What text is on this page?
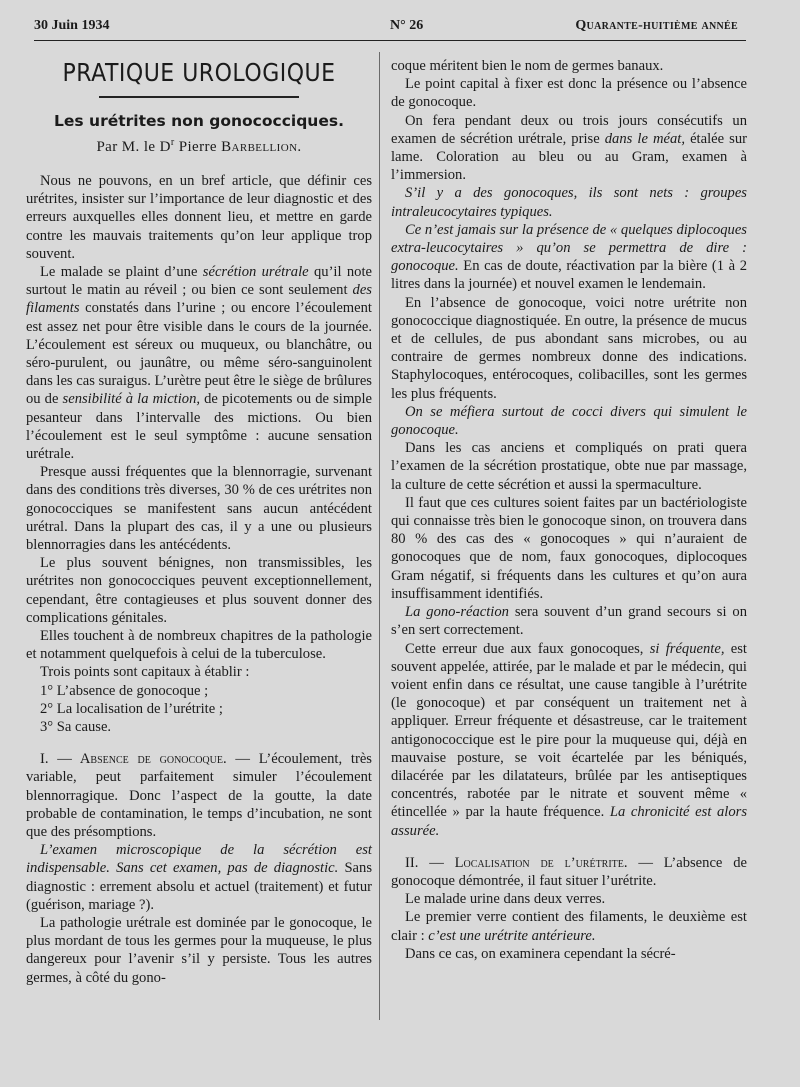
30 Juin 1934	N° 26	Quarante-huitième année
PRATIQUE UROLOGIQUE
Les urétrites non gonococciques.
Par M. le $D^r$ Pierre Barbellion.

Nous ne pouvons, en un bref article, que définir ces urétrites, insister sur l’importance de leur diagnostic et des erreurs auxquelles elles donnent lieu, et mettre en garde contre les mauvais traitements qu’on leur applique trop souvent.

Le malade se plaint d’une sécrétion urétrale qu’il note surtout le matin au réveil ; ou bien ce sont seulement des filaments constatés dans l’urine ; ou encore l’écoulement est assez net pour être visible dans le cours de la journée. L’écoulement est séreux ou muqueux, ou blanchâtre, ou séro-purulent, ou jaunâtre, ou même séro-sanguinolent dans les cas suraigus. L’urètre peut être le siège de brûlures ou de sensibilité à la miction, de picotements ou de simple pesanteur dans l’intervalle des mictions. Ou bien l’écoulement est le seul symptôme : aucune sensation urétrale.

Presque aussi fréquentes que la blennorragie, survenant dans des conditions très diverses, 30 % de ces urétrites non gonococciques se manifestent sans aucun antécédent urétral. Dans la plupart des cas, il y a une ou plusieurs blennorragies dans les antécédents.

Le plus souvent bénignes, non transmissibles, les urétrites non gonococciques peuvent exceptionnellement, cependant, être contagieuses et plus souvent donner des complications génitales.

Elles touchent à de nombreux chapitres de la pathologie et notamment quelquefois à celui de la tuberculose.

Trois points sont capitaux à établir :

1° L’absence de gonocoque ;

2° La localisation de l’urétrite ;

3° Sa cause.

I. — Absence de gonocoque. — L’écoulement, très variable, peut parfaitement simuler l’écoulement blennorragique. Donc l’aspect de la goutte, la date probable de contamination, le temps d’incubation, ne sont que des présomptions.

L’examen microscopique de la sécrétion est indispensable. Sans cet examen, pas de diagnostic. Sans diagnostic : errement absolu et actuel (traitement) et futur (guérison, mariage ?).

La pathologie urétrale est dominée par le gonocoque, le plus mordant de tous les germes pour la muqueuse, le plus dangereux pour l’avenir s’il y persiste. Tous les autres germes, à côté du gono-

coque méritent bien le nom de germes banaux.

Le point capital à fixer est donc la présence ou l’absence de gonocoque.

On fera pendant deux ou trois jours consécutifs un examen de sécrétion urétrale, prise dans le méat, étalée sur lame. Coloration au bleu ou au Gram, examen à l’immersion.

S’il y a des gonocoques, ils sont nets : groupes intraleucocytaires typiques.

Ce n’est jamais sur la présence de « quelques diplocoques extra-leucocytaires » qu’on se permettra de dire : gonocoque. En cas de doute, réactivation par la bière (1 à 2 litres dans la journée) et nouvel examen le lendemain.

En l’absence de gonocoque, voici notre urétrite non gonococcique diagnostiquée. En outre, la présence de mucus et de cellules, de pus abondant sans microbes, ou au contraire de germes nombreux donne des indications. Staphylocoques, entérocoques, colibacilles, sont les germes les plus fréquents.

On se méfiera surtout de cocci divers qui simulent le gonocoque.

Dans les cas anciens et compliqués on prati quera l’examen de la sécrétion prostatique, obte nue par massage, la culture de cette sécrétion et aussi la spermaculture.

Il faut que ces cultures soient faites par un bactériologiste qui connaisse très bien le gonocoque sinon, on trouvera dans 80 % des cas des « gonocoques » qui n’auraient de gonocoques que de nom, faux gonocoques, diplocoques Gram négatif, si fréquents dans les cultures et qu’on aura insuffisamment identifiés.

La gono-réaction sera souvent d’un grand secours si on s’en sert correctement.

Cette erreur due aux faux gonocoques, si fréquente, est souvent appelée, attirée, par le malade et par le médecin, qui voient enfin dans ce résultat, une cause tangible à l’urétrite (le gonocoque) et par conséquent un traitement net à appliquer. Erreur fréquente et désastreuse, car le traitement antigonococcique est le pire pour la muqueuse qui, déjà en mauvaise posture, se voit écartelée par les béniqués, dilacérée par les dilatateurs, brûlée par les antiseptiques concentrés, rabotée par le nitrate et souvent même « étincellée » par la haute fréquence. La chronicité est alors assurée.

II. — Localisation de l’urétrite. — L’absence de gonocoque démontrée, il faut situer l’urétrite.

Le malade urine dans deux verres.

Le premier verre contient des filaments, le deuxième est clair : c’est une urétrite antérieure.

Dans ce cas, on examinera cependant la sécré-
